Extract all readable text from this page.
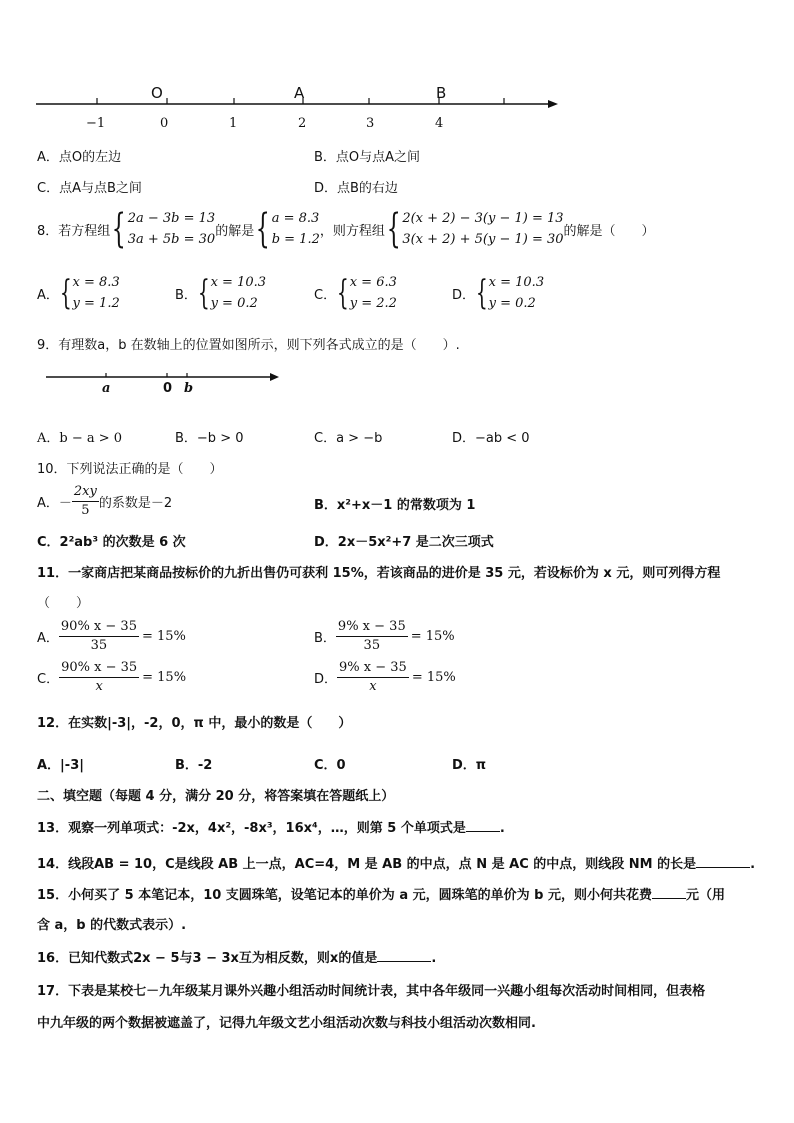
O	A	B
−1	0	1	2	3	4
A．点O的左边	B．点O与点A之间
C．点A与点B之间	D．点B的右边
8．若方程组 { 2a − 3b = 13
3a + 5b = 30
的解是 { a = 8.3
b = 1.2
，则方程组 { 2(x + 2) − 3(y − 1) = 13
3(x + 2) + 5(y − 1) = 30
的解是（　　）
A． { x = 8.3
y = 1.2
B． { x = 10.3
y = 0.2
C． { x = 6.3
y = 2.2
D． { x = 10.3
y = 0.2
9．有理数a，b 在数轴上的位置如图所示，则下列各式成立的是（　　）.
a	0 b
A．b − a > 0	B．−b > 0	C．a > −b	D．−ab < 0
10．下列说法正确的是（　　）
A．－ $\frac{2xy}{5}$ 的系数是－2	B．x²+x－1 的常数项为 1
C．2²ab³ 的次数是 6 次	D．2x－5x²+7 是二次三项式
11．一家商店把某商品按标价的九折出售仍可获利 15%，若该商品的进价是 35 元，若设标价为 x 元，则可列得方程
（　　）
A． $\frac{90\% x - 35}{35} = 15\%$	B． $\frac{9\% x - 35}{35} = 15\%$
C． $\frac{90\% x - 35}{x} = 15\%$	D． $\frac{9\% x - 35}{x} = 15\%$
12．在实数|-3|，-2，0，π 中，最小的数是（　　）
A．|-3|	B．-2	C．0	D．π
二、填空题（每题 4 分，满分 20 分，将答案填在答题纸上）
13．观察一列单项式：-2x，4x²，-8x³，16x⁴，…，则第 5 个单项式是	.
14．线段AB = 10，C是线段 AB 上一点，AC=4，M 是 AB 的中点，点 N 是 AC 的中点，则线段 NM 的长是	.
15．小何买了 5 本笔记本，10 支圆珠笔，设笔记本的单价为 a 元，圆珠笔的单价为 b 元，则小何共花费	元（用
含 a，b 的代数式表示）.
16．已知代数式2x − 5与3 − 3x互为相反数，则x的值是	.
17．下表是某校七－九年级某月课外兴趣小组活动时间统计表，其中各年级同一兴趣小组每次活动时间相同，但表格
中九年级的两个数据被遮盖了，记得九年级文艺小组活动次数与科技小组活动次数相同.
